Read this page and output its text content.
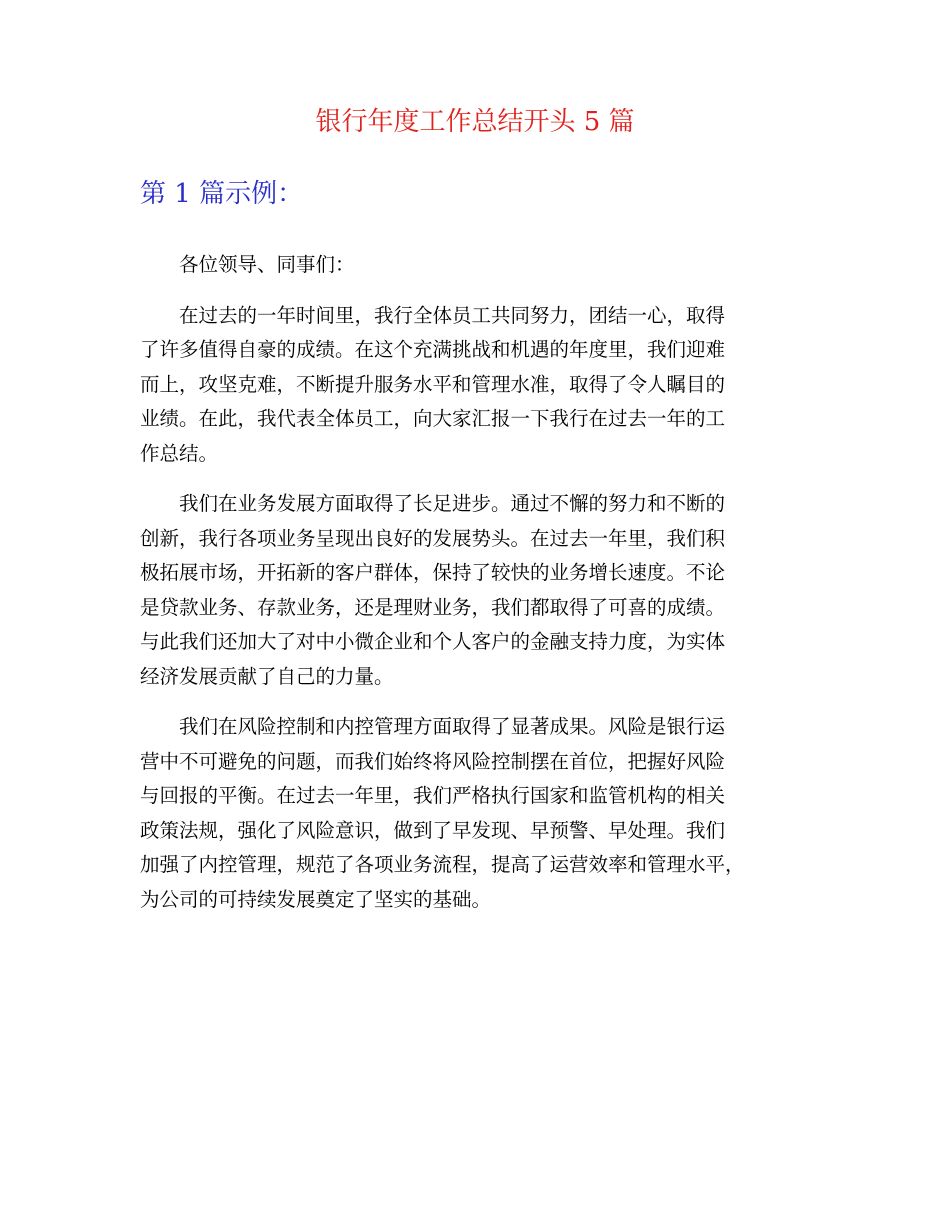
银行年度工作总结开头 5 篇
第 1 篇示例：

各位领导、同事们：

在过去的一年时间里，我行全体员工共同努力，团结一心，取得
了许多值得自豪的成绩。在这个充满挑战和机遇的年度里，我们迎难
而上，攻坚克难，不断提升服务水平和管理水准，取得了令人瞩目的
业绩。在此，我代表全体员工，向大家汇报一下我行在过去一年的工
作总结。

我们在业务发展方面取得了长足进步。通过不懈的努力和不断的
创新，我行各项业务呈现出良好的发展势头。在过去一年里，我们积
极拓展市场，开拓新的客户群体，保持了较快的业务增长速度。不论
是贷款业务、存款业务，还是理财业务，我们都取得了可喜的成绩。
与此我们还加大了对中小微企业和个人客户的金融支持力度，为实体
经济发展贡献了自己的力量。

我们在风险控制和内控管理方面取得了显著成果。风险是银行运
营中不可避免的问题，而我们始终将风险控制摆在首位，把握好风险
与回报的平衡。在过去一年里，我们严格执行国家和监管机构的相关
政策法规，强化了风险意识，做到了早发现、早预警、早处理。我们
加强了内控管理，规范了各项业务流程，提高了运营效率和管理水平，
为公司的可持续发展奠定了坚实的基础。
